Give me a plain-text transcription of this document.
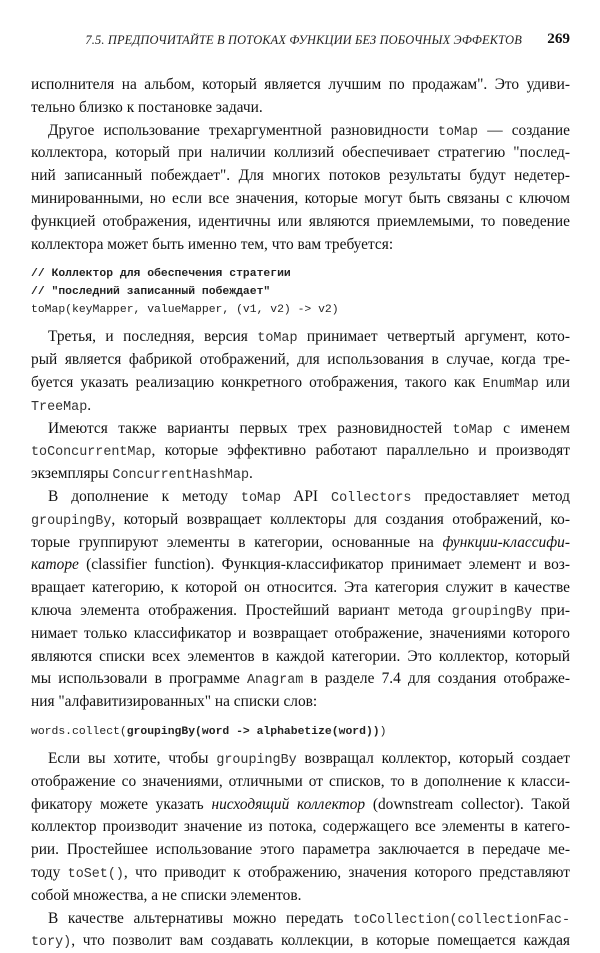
7.5. ПРЕДПОЧИТАЙТЕ В ПОТОКАХ ФУНКЦИИ БЕЗ ПОБОЧНЫХ ЭФФЕКТОВ 269
исполнителя на альбом, который является лучшим по продажам". Это удиви-
тельно близко к постановке задачи.
Другое использование трехаргументной разновидности toMap — создание
коллектора, который при наличии коллизий обеспечивает стратегию "послед-
ний записанный побеждает". Для многих потоков результаты будут недетер-
минированными, но если все значения, которые могут быть связаны с ключом
функцией отображения, идентичны или являются приемлемыми, то поведение
коллектора может быть именно тем, что вам требуется:
// Коллектор для обеспечения стратегии
// "последний записанный побеждает"
toMap(keyMapper, valueMapper, (v1, v2) -> v2)
Третья, и последняя, версия toMap принимает четвертый аргумент, кото-
рый является фабрикой отображений, для использования в случае, когда тре-
буется указать реализацию конкретного отображения, такого как EnumMap или
TreeMap.
Имеются также варианты первых трех разновидностей toMap с именем
toConcurrentMap, которые эффективно работают параллельно и производят
экземпляры ConcurrentHashMap.
В дополнение к методу toMap API Collectors предоставляет метод
groupingBy, который возвращает коллекторы для создания отображений, ко-
торые группируют элементы в категории, основанные на функции-классифи-
каторе (classifier function). Функция-классификатор принимает элемент и воз-
вращает категорию, к которой он относится. Эта категория служит в качестве
ключа элемента отображения. Простейший вариант метода groupingBy при-
нимает только классификатор и возвращает отображение, значениями которого
являются списки всех элементов в каждой категории. Это коллектор, который
мы использовали в программе Anagram в разделе 7.4 для создания отображе-
ния "алфавитизированных" на списки слов:
words.collect(groupingBy(word -> alphabetize(word)))
Если вы хотите, чтобы groupingBy возвращал коллектор, который создает
отображение со значениями, отличными от списков, то в дополнение к класси-
фикатору можете указать нисходящий коллектор (downstream collector). Такой
коллектор производит значение из потока, содержащего все элементы в катего-
рии. Простейшее использование этого параметра заключается в передаче ме-
тоду toSet(), что приводит к отображению, значения которого представляют
собой множества, а не списки элементов.
В качестве альтернативы можно передать toCollection(collectionFac-
tory), что позволит вам создавать коллекции, в которые помещается каждая
